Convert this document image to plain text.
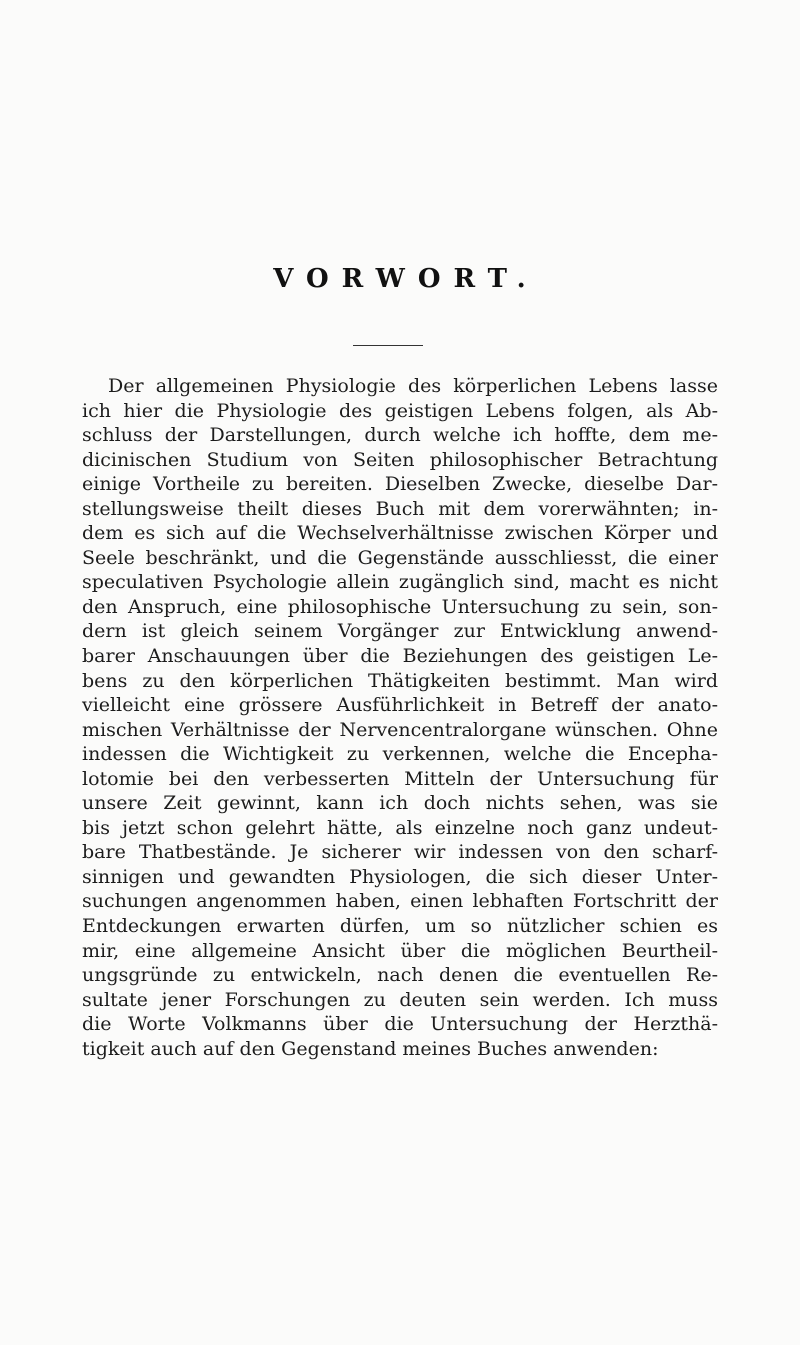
VORWORT.
Der allgemeinen Physiologie des körperlichen Lebens lasse
ich hier die Physiologie des geistigen Lebens folgen, als Ab-
schluss der Darstellungen, durch welche ich hoffte, dem me-
dicinischen Studium von Seiten philosophischer Betrachtung
einige Vortheile zu bereiten. Dieselben Zwecke, dieselbe Dar-
stellungsweise theilt dieses Buch mit dem vorerwähnten; in-
dem es sich auf die Wechselverhältnisse zwischen Körper und
Seele beschränkt, und die Gegenstände ausschliesst, die einer
speculativen Psychologie allein zugänglich sind, macht es nicht
den Anspruch, eine philosophische Untersuchung zu sein, son-
dern ist gleich seinem Vorgänger zur Entwicklung anwend-
barer Anschauungen über die Beziehungen des geistigen Le-
bens zu den körperlichen Thätigkeiten bestimmt. Man wird
vielleicht eine grössere Ausführlichkeit in Betreff der anato-
mischen Verhältnisse der Nervencentralorgane wünschen. Ohne
indessen die Wichtigkeit zu verkennen, welche die Encepha-
lotomie bei den verbesserten Mitteln der Untersuchung für
unsere Zeit gewinnt, kann ich doch nichts sehen, was sie
bis jetzt schon gelehrt hätte, als einzelne noch ganz undeut-
bare Thatbestände. Je sicherer wir indessen von den scharf-
sinnigen und gewandten Physiologen, die sich dieser Unter-
suchungen angenommen haben, einen lebhaften Fortschritt der
Entdeckungen erwarten dürfen, um so nützlicher schien es
mir, eine allgemeine Ansicht über die möglichen Beurtheil-
ungsgründe zu entwickeln, nach denen die eventuellen Re-
sultate jener Forschungen zu deuten sein werden. Ich muss
die Worte Volkmanns über die Untersuchung der Herzthä-
tigkeit auch auf den Gegenstand meines Buches anwenden:
